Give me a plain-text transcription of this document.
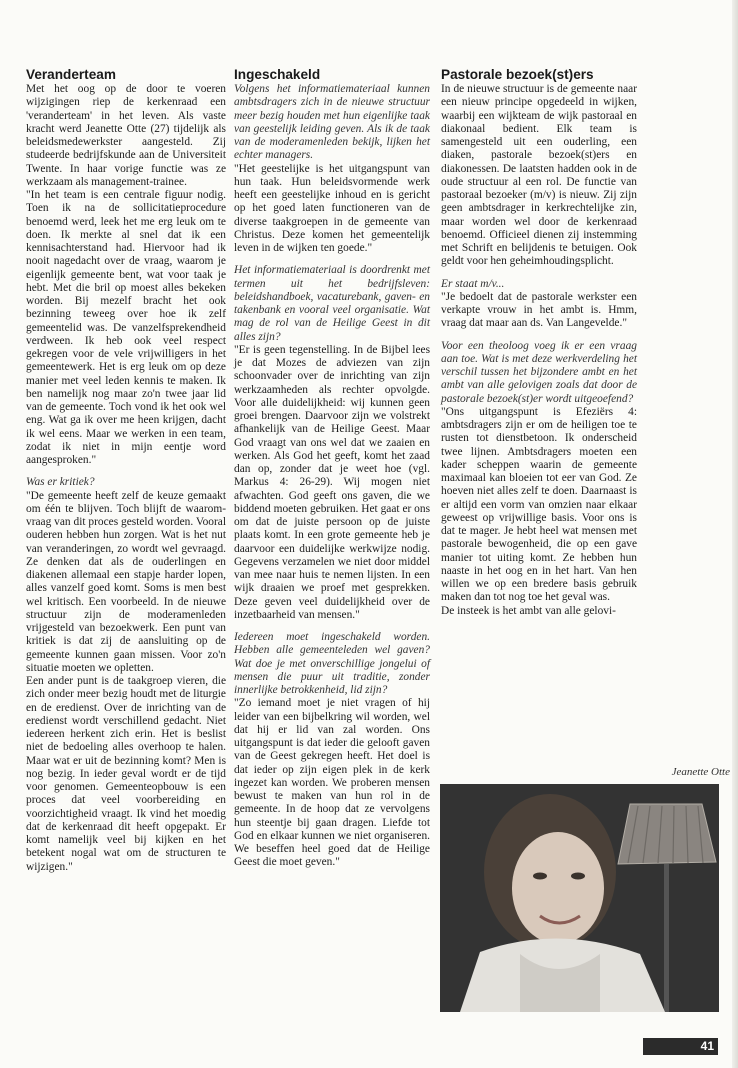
Veranderteam

Met het oog op de door te voeren wijzigingen riep de kerkenraad een 'veranderteam' in het leven. Als vaste kracht werd Jeanette Otte (27) tijdelijk als beleidsmedewerkster aangesteld. Zij studeerde bedrijfskunde aan de Universiteit Twente. In haar vorige functie was ze werkzaam als management-trainee.

"In het team is een centrale figuur nodig. Toen ik na de sollicitatieprocedure benoemd werd, leek het me erg leuk om te doen. Ik merkte al snel dat ik een kennisachterstand had. Hiervoor had ik nooit nagedacht over de vraag, waarom je eigenlijk gemeente bent, wat voor taak je hebt. Met die bril op moest alles bekeken worden. Bij mezelf bracht het ook bezinning teweeg over hoe ik zelf gemeentelid was. De vanzelfsprekendheid verdween. Ik heb ook veel respect gekregen voor de vele vrijwilligers in het gemeentewerk. Het is erg leuk om op deze manier met veel leden kennis te maken. Ik ben namelijk nog maar zo'n twee jaar lid van de gemeente. Toch vond ik het ook wel eng. Wat ga ik over me heen krijgen, dacht ik wel eens. Maar we werken in een team, zodat ik niet in mijn eentje word aangesproken."

Was er kritiek?

"De gemeente heeft zelf de keuze gemaakt om één te blijven. Toch blijft de waarom-vraag van dit proces gesteld worden. Vooral ouderen hebben hun zorgen. Wat is het nut van veranderingen, zo wordt wel gevraagd. Ze denken dat als de ouderlingen en diakenen allemaal een stapje harder lopen, alles vanzelf goed komt. Soms is men best wel kritisch. Een voorbeeld. In de nieuwe structuur zijn de moderamenleden vrijgesteld van bezoekwerk. Een punt van kritiek is dat zij de aansluiting op de gemeente kunnen gaan missen. Voor zo'n situatie moeten we opletten.

Een ander punt is de taakgroep vieren, die zich onder meer bezig houdt met de liturgie en de eredienst. Over de inrichting van de eredienst wordt verschillend gedacht. Niet iedereen herkent zich erin. Het is beslist niet de bedoeling alles overhoop te halen. Maar wat er uit de bezinning komt? Men is nog bezig. In ieder geval wordt er de tijd voor genomen. Gemeenteopbouw is een proces dat veel voorbereiding en voorzichtigheid vraagt. Ik vind het moedig dat de kerkenraad dit heeft opgepakt. Er komt namelijk veel bij kijken en het betekent nogal wat om de structuren te wijzigen."

Ingeschakeld

Volgens het informatiemateriaal kunnen ambtsdragers zich in de nieuwe structuur meer bezig houden met hun eigenlijke taak van geestelijk leiding geven. Als ik de taak van de moderamenleden bekijk, lijken het echter managers.

"Het geestelijke is het uitgangspunt van hun taak. Hun beleidsvormende werk heeft een geestelijke inhoud en is gericht op het goed laten functioneren van de diverse taakgroepen in de gemeente van Christus. Deze komen het gemeentelijk leven in de wijken ten goede."

Het informatiemateriaal is doordrenkt met termen uit het bedrijfsleven: beleidshandboek, vacaturebank, gaven- en takenbank en vooral veel organisatie. Wat mag de rol van de Heilige Geest in dit alles zijn?

"Er is geen tegenstelling. In de Bijbel lees je dat Mozes de adviezen van zijn schoonvader over de inrichting van zijn werkzaamheden als rechter opvolgde. Voor alle duidelijkheid: wij kunnen geen groei brengen. Daarvoor zijn we volstrekt afhankelijk van de Heilige Geest. Maar God vraagt van ons wel dat we zaaien en werken. Als God het geeft, komt het zaad dan op, zonder dat je weet hoe (vgl. Markus 4: 26-29). Wij mogen niet afwachten. God geeft ons gaven, die we biddend moeten gebruiken. Het gaat er ons om dat de juiste persoon op de juiste plaats komt. In een grote gemeente heb je daarvoor een duidelijke werkwijze nodig. Gegevens verzamelen we niet door middel van mee naar huis te nemen lijsten. In een wijk draaien we proef met gesprekken. Deze geven veel duidelijkheid over de inzetbaarheid van mensen."

Iedereen moet ingeschakeld worden. Hebben alle gemeenteleden wel gaven? Wat doe je met onverschillige jongelui of mensen die puur uit traditie, zonder innerlijke betrokkenheid, lid zijn?

"Zo iemand moet je niet vragen of hij leider van een bijbelkring wil worden, wel dat hij er lid van zal worden. Ons uitgangspunt is dat ieder die gelooft gaven van de Geest gekregen heeft. Het doel is dat ieder op zijn eigen plek in de kerk ingezet kan worden. We proberen mensen bewust te maken van hun rol in de gemeente. In de hoop dat ze vervolgens hun steentje bij gaan dragen. Liefde tot God en elkaar kunnen we niet organiseren. We beseffen heel goed dat de Heilige Geest die moet geven."

Pastorale bezoek(st)ers

In de nieuwe structuur is de gemeente naar een nieuw principe opgedeeld in wijken, waarbij een wijkteam de wijk pastoraal en diakonaal bedient. Elk team is samengesteld uit een ouderling, een diaken, pastorale bezoek(st)ers en diakonessen. De laatsten hadden ook in de oude structuur al een rol. De functie van pastoraal bezoeker (m/v) is nieuw. Zij zijn geen ambtsdrager in kerkrechtelijke zin, maar worden wel door de kerkenraad benoemd. Officieel dienen zij instemming met Schrift en belijdenis te betuigen. Ook geldt voor hen geheimhoudingsplicht.

Er staat m/v...

"Je bedoelt dat de pastorale werkster een verkapte vrouw in het ambt is. Hmm, vraag dat maar aan ds. Van Langevelde."

Voor een theoloog voeg ik er een vraag aan toe. Wat is met deze werkverdeling het verschil tussen het bijzondere ambt en het ambt van alle gelovigen zoals dat door de pastorale bezoek(st)er wordt uitgeoefend?

"Ons uitgangspunt is Efeziërs 4: ambtsdragers zijn er om de heiligen toe te rusten tot dienstbetoon. Ik onderscheid twee lijnen. Ambtsdragers moeten een kader scheppen waarin de gemeente maximaal kan bloeien tot eer van God. Ze hoeven niet alles zelf te doen. Daarnaast is er altijd een vorm van omzien naar elkaar geweest op vrijwillige basis. Voor ons is dat te mager. Je hebt heel wat mensen met pastorale bewogenheid, die op een gave manier tot uiting komt. Ze hebben hun naaste in het oog en in het hart. Van hen willen we op een bredere basis gebruik maken dan tot nog toe het geval was.

De insteek is het ambt van alle gelovi-

Jeanette Otte
41
